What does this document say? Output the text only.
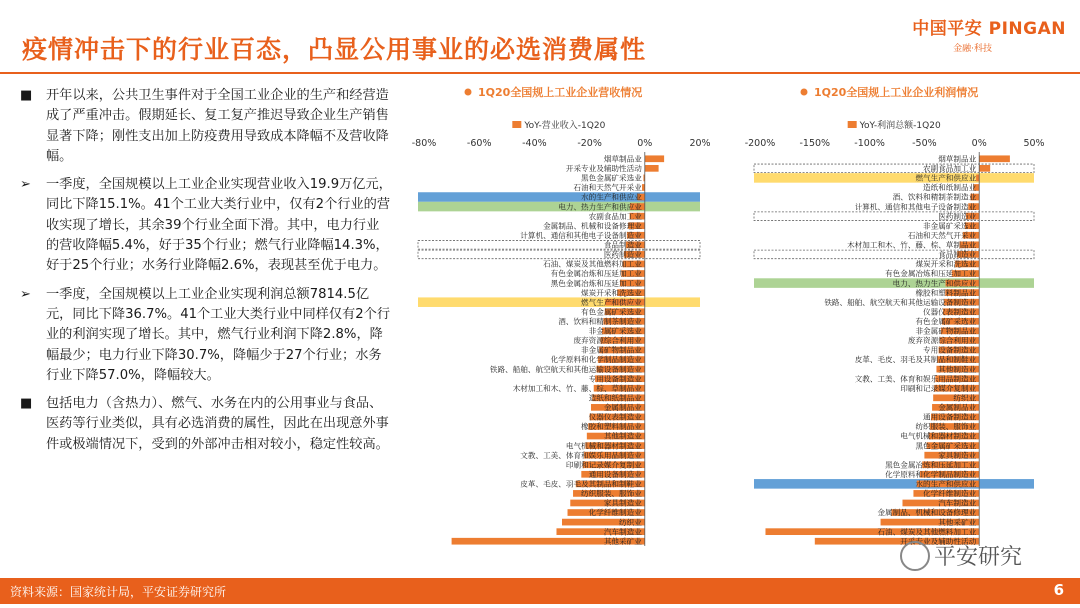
疫情冲击下的行业百态，凸显公用事业的必选消费属性
中国平安 PINGAN
金融·科技
■	开年以来，公共卫生事件对于全国工业企业的生产和经营造成了严重冲击。假期延长、复工复产推迟导致企业生产销售显著下降；刚性支出加上防疫费用导致成本降幅不及营收降幅。
➢	一季度，全国规模以上工业企业实现营业收入19.9万亿元，同比下降15.1%。41个工业大类行业中，仅有2个行业的营收实现了增长，其余39个行业全面下滑。其中，电力行业的营收降幅5.4%，好于35个行业；燃气行业降幅14.3%，好于25个行业；水务行业降幅2.6%，表现甚至优于电力。
➢	一季度，全国规模以上工业企业实现利润总额7814.5亿元，同比下降36.7%。41个工业大类行业中同样仅有2个行业的利润实现了增长。其中，燃气行业利润下降2.8%，降幅最少；电力行业下降30.7%，降幅少于27个行业；水务行业下降57.0%，降幅较大。
■	包括电力（含热力）、燃气、水务在内的公用事业与食品、医药等行业类似，具有必选消费的属性，因此在出现意外事件或极端情况下，受到的外部冲击相对较小，稳定性较高。
1Q20全国规上工业企业营收情况
-80%	-60%	-40%	-20%	0%	20%
YoY-营业收入-1Q20
烟草制品业
开采专业及辅助性活动
黑色金属矿采选业
石油和天然气开采业
水的生产和供应业
电力、热力生产和供应业
农副食品加工业
金属制品、机械和设备修理业
计算机、通信和其他电子设备制造业
食品制造业
医药制造业
石油、煤炭及其他燃料加工业
有色金属冶炼和压延加工业
黑色金属冶炼和压延加工业
煤炭开采和洗选业
燃气生产和供应业
有色金属矿采选业
酒、饮料和精制茶制造业
非金属矿采选业
废弃资源综合利用业
非金属矿物制品业
化学原料和化学制品制造业
铁路、船舶、航空航天和其他运输设备制造业
专用设备制造业
木材加工和木、竹、藤、棕、草制品业
造纸和纸制品业
金属制品业
仪器仪表制造业
橡胶和塑料制品业
其他制造业
电气机械和器材制造业
文教、工美、体育和娱乐用品制造业
印刷和记录媒介复制业
通用设备制造业
皮革、毛皮、羽毛及其制品和制鞋业
纺织服装、服饰业
家具制造业
化学纤维制造业
纺织业
汽车制造业
其他采矿业
1Q20全国规上工业企业利润情况
-200%	-150%	-100%	-50%	0%	50%
YoY-利润总额-1Q20
烟草制品业
农副食品加工业
燃气生产和供应业
造纸和纸制品业
酒、饮料和精制茶制造业
计算机、通信和其他电子设备制造业
医药制造业
非金属矿采选业
石油和天然气开采业
木材加工和木、竹、藤、棕、草制品业
食品制造业
煤炭开采和洗选业
有色金属冶炼和压延加工业
电力、热力生产和供应业
橡胶和塑料制品业
铁路、船舶、航空航天和其他运输设备制造业
仪器仪表制造业
有色金属矿采选业
非金属矿物制品业
废弃资源综合利用业
专用设备制造业
皮革、毛皮、羽毛及其制品和制鞋业
其他制造业
文教、工美、体育和娱乐用品制造业
印刷和记录媒介复制业
纺织业
金属制品业
通用设备制造业
纺织服装、服饰业
电气机械和器材制造业
黑色金属矿采选业
家具制造业
黑色金属冶炼和压延加工业
化学原料和化学制品制造业
水的生产和供应业
化学纤维制造业
汽车制造业
金属制品、机械和设备修理业
其他采矿业
石油、煤炭及其他燃料加工业
开采专业及辅助性活动
平安研究
资料来源：国家统计局，平安证券研究所	6
